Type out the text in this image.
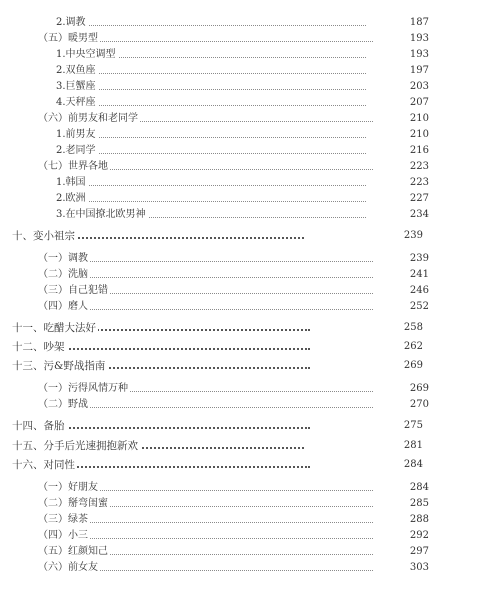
2.调教	187
（五）暖男型	193
1.中央空调型	193
2.双鱼座	197
3.巨蟹座	203
4.天秤座	207
（六）前男友和老同学	210
1.前男友	210
2.老同学	216
（七）世界各地	223
1.韩国	223
2.欧洲	227
3.在中国撩北欧男神	234
十、变小祖宗	239
（一）调教	239
（二）洗脑	241
（三）自己犯错	246
（四）磨人	252
十一、吃醋大法好	258
十二、吵架	262
十三、污&野战指南	269
（一）污得风情万种	269
（二）野战	270
十四、备胎	275
十五、分手后光速拥抱新欢	281
十六、对同性	284
（一）好朋友	284
（二）掰弯闺蜜	285
（三）绿茶	288
（四）小三	292
（五）红颜知己	297
（六）前女友	303
